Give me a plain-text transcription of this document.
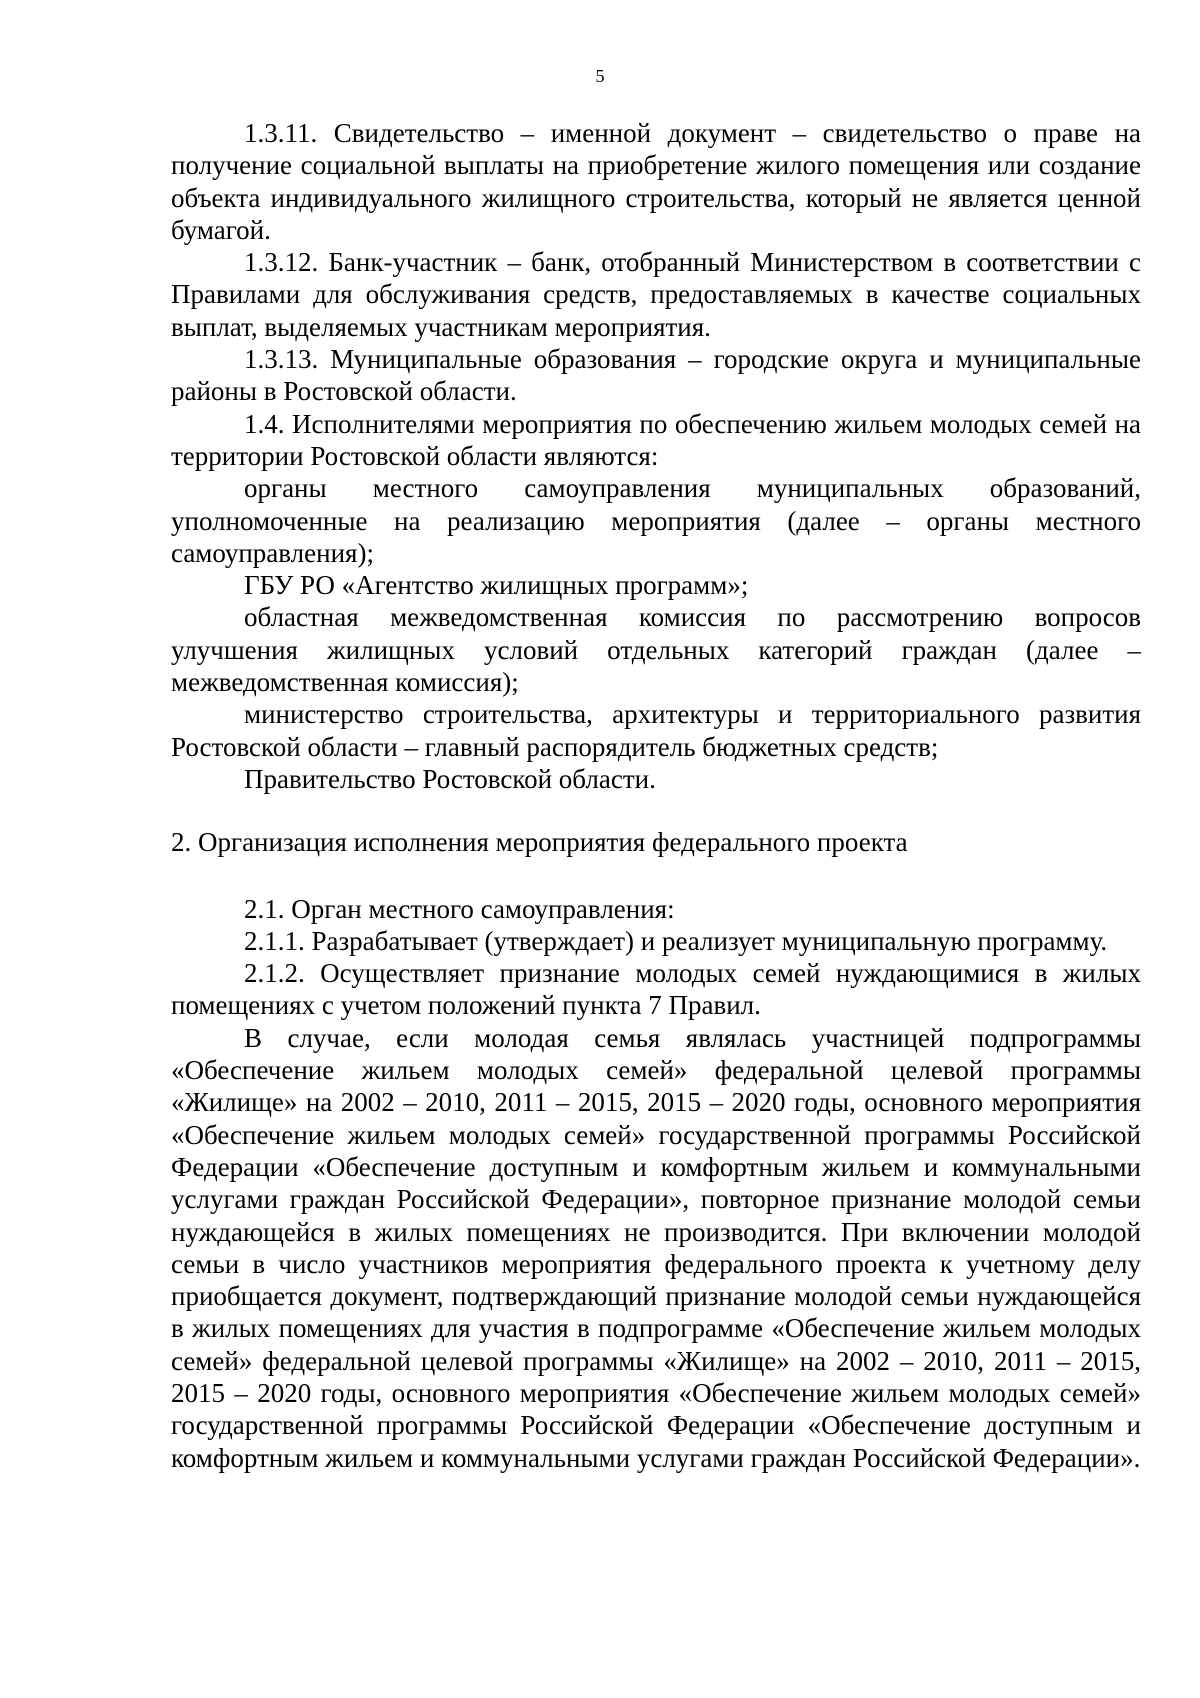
5

1.3.11. Свидетельство – именной документ – свидетельство о праве на получение социальной выплаты на приобретение жилого помещения или создание объекта индивидуального жилищного строительства, который не является ценной бумагой.

1.3.12. Банк-участник – банк, отобранный Министерством в соответствии с Правилами для обслуживания средств, предоставляемых в качестве социальных выплат, выделяемых участникам мероприятия.

1.3.13. Муниципальные образования – городские округа и муниципальные районы в Ростовской области.

1.4. Исполнителями мероприятия по обеспечению жильем молодых семей на территории Ростовской области являются:

органы местного самоуправления муниципальных образований, уполномоченные на реализацию мероприятия (далее – органы местного самоуправления);

ГБУ РО «Агентство жилищных программ»;

областная межведомственная комиссия по рассмотрению вопросов улучшения жилищных условий отдельных категорий граждан (далее – межведомственная комиссия);

министерство строительства, архитектуры и территориального развития Ростовской области – главный распорядитель бюджетных средств;

Правительство Ростовской области.

2. Организация исполнения мероприятия федерального проекта

2.1. Орган местного самоуправления:

2.1.1. Разрабатывает (утверждает) и реализует муниципальную программу.

2.1.2. Осуществляет признание молодых семей нуждающимися в жилых помещениях с учетом положений пункта 7 Правил.

В случае, если молодая семья являлась участницей подпрограммы «Обеспечение жильем молодых семей» федеральной целевой программы «Жилище» на 2002 – 2010, 2011 – 2015, 2015 – 2020 годы, основного мероприятия «Обеспечение жильем молодых семей» государственной программы Российской Федерации «Обеспечение доступным и комфортным жильем и коммунальными услугами граждан Российской Федерации», повторное признание молодой семьи нуждающейся в жилых помещениях не производится. При включении молодой семьи в число участников мероприятия федерального проекта к учетному делу приобщается документ, подтверждающий признание молодой семьи нуждающейся в жилых помещениях для участия в подпрограмме «Обеспечение жильем молодых семей» федеральной целевой программы «Жилище» на 2002 – 2010, 2011 – 2015, 2015 – 2020 годы, основного мероприятия «Обеспечение жильем молодых семей» государственной программы Российской Федерации «Обеспечение доступным и комфортным жильем и коммунальными услугами граждан Российской Федерации».
